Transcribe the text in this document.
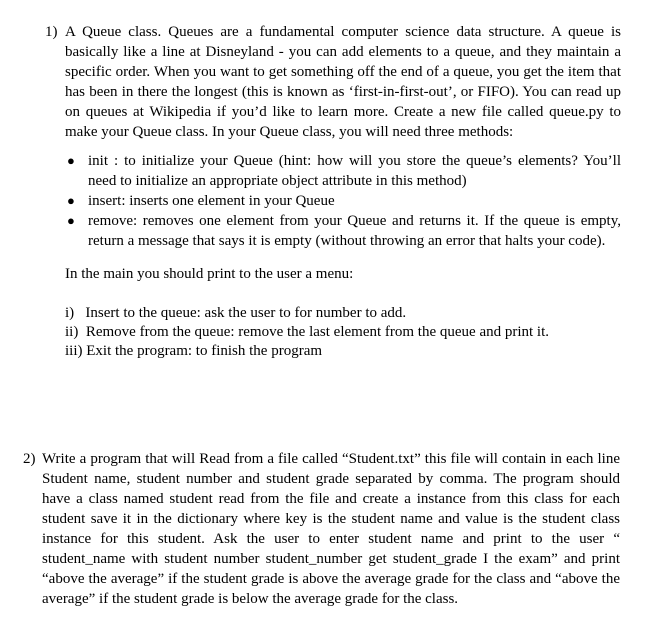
1) A Queue class. Queues are a fundamental computer science data structure. A queue is basically like a line at Disneyland - you can add elements to a queue, and they maintain a specific order. When you want to get something off the end of a queue, you get the item that has been in there the longest (this is known as ‘first-in-first-out’, or FIFO). You can read up on queues at Wikipedia if you’d like to learn more. Create a new file called queue.py to make your Queue class. In your Queue class, you will need three methods:
● init : to initialize your Queue (hint: how will you store the queue’s elements? You’ll need to initialize an appropriate object attribute in this method)
● insert: inserts one element in your Queue
● remove: removes one element from your Queue and returns it. If the queue is empty, return a message that says it is empty (without throwing an error that halts your code).
In the main you should print to the user a menu:
i)   Insert to the queue: ask the user to for number to add.
ii)  Remove from the queue: remove the last element from the queue and print it.
iii) Exit the program: to finish the program
2) Write a program that will Read from a file called “Student.txt” this file will contain in each line Student name, student number and student grade separated by comma. The program should have a class named student read from the file and create a instance from this class for each student save it in the dictionary where key is the student name and value is the student class instance for this student. Ask the user to enter student name and print to the user “ student_name with student number student_number get student_grade I the exam” and print “above the average” if the student grade is above the average grade for the class and “above the average” if the student grade is below the average grade for the class.
